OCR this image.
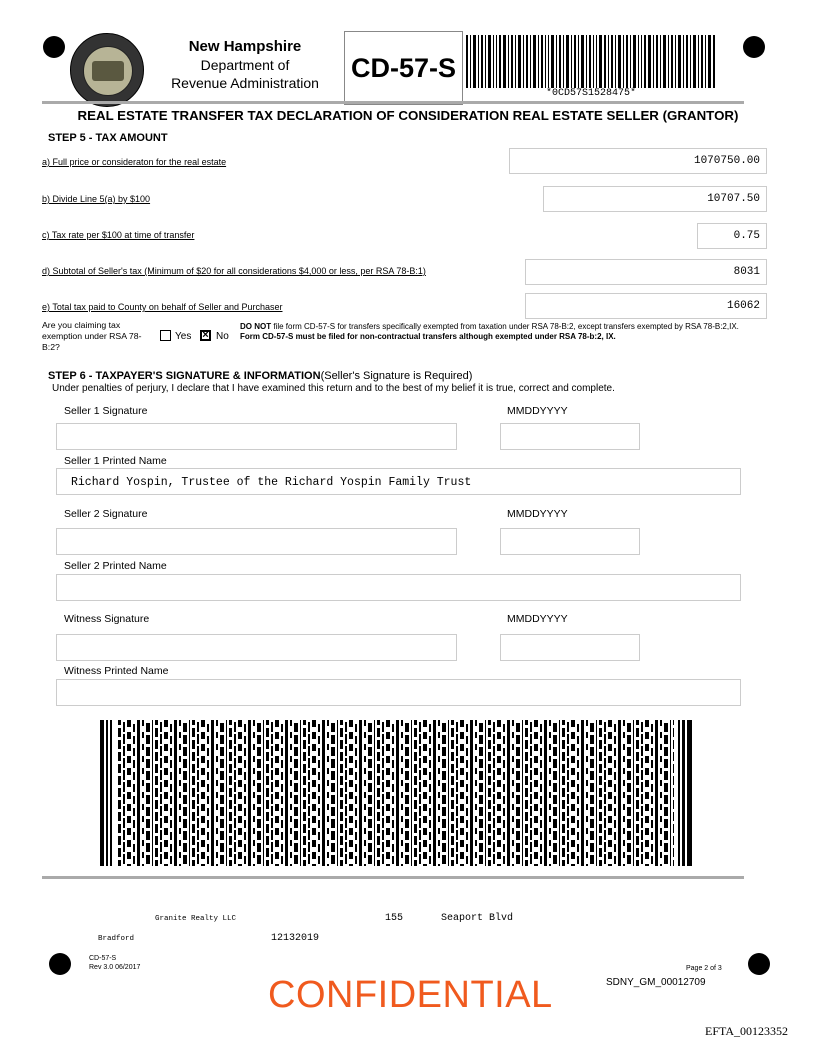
New Hampshire
Department of
Revenue Administration	CD-57-S
*0CD57S1528475*
REAL ESTATE TRANSFER TAX DECLARATION OF CONSIDERATION REAL ESTATE SELLER (GRANTOR)
STEP 5 - TAX AMOUNT
a) Full price or consideraton for the real estate	1070750.00
b) Divide Line 5(a) by $100	10707.50
c) Tax rate per $100 at time of transfer	0.75
d) Subtotal of Seller's tax (Minimum of $20 for all considerations $4,000 or less, per RSA 78-B:1)	8031
e) Total tax paid to County on behalf of Seller and Purchaser	16062
Are you claiming tax exemption under RSA 78-B:2?
Yes × No
DO NOT file form CD-57-S for transfers specifically exempted from taxation under RSA 78-B:2, except transfers exempted by RSA 78-B:2,IX. Form CD-57-S must be filed for non-contractual transfers although exempted under RSA 78-b:2, IX.
STEP 6 - TAXPAYER'S SIGNATURE & INFORMATION(Seller's Signature is Required)
Under penalties of perjury, I declare that I have examined this return and to the best of my belief it is true, correct and complete.
Seller 1 Signature	MMDDYYYY
Seller 1 Printed Name
Richard Yospin, Trustee of the Richard Yospin Family Trust
Seller 2 Signature	MMDDYYYY
Seller 2 Printed Name
Witness Signature	MMDDYYYY
Witness Printed Name
Granite Realty LLC	155	Seaport Blvd
Bradford	12132019
CD-57-S
Rev 3.0 06/2017	Page 2 of 3
SDNY_GM_00012709
CONFIDENTIAL
EFTA_00123352
